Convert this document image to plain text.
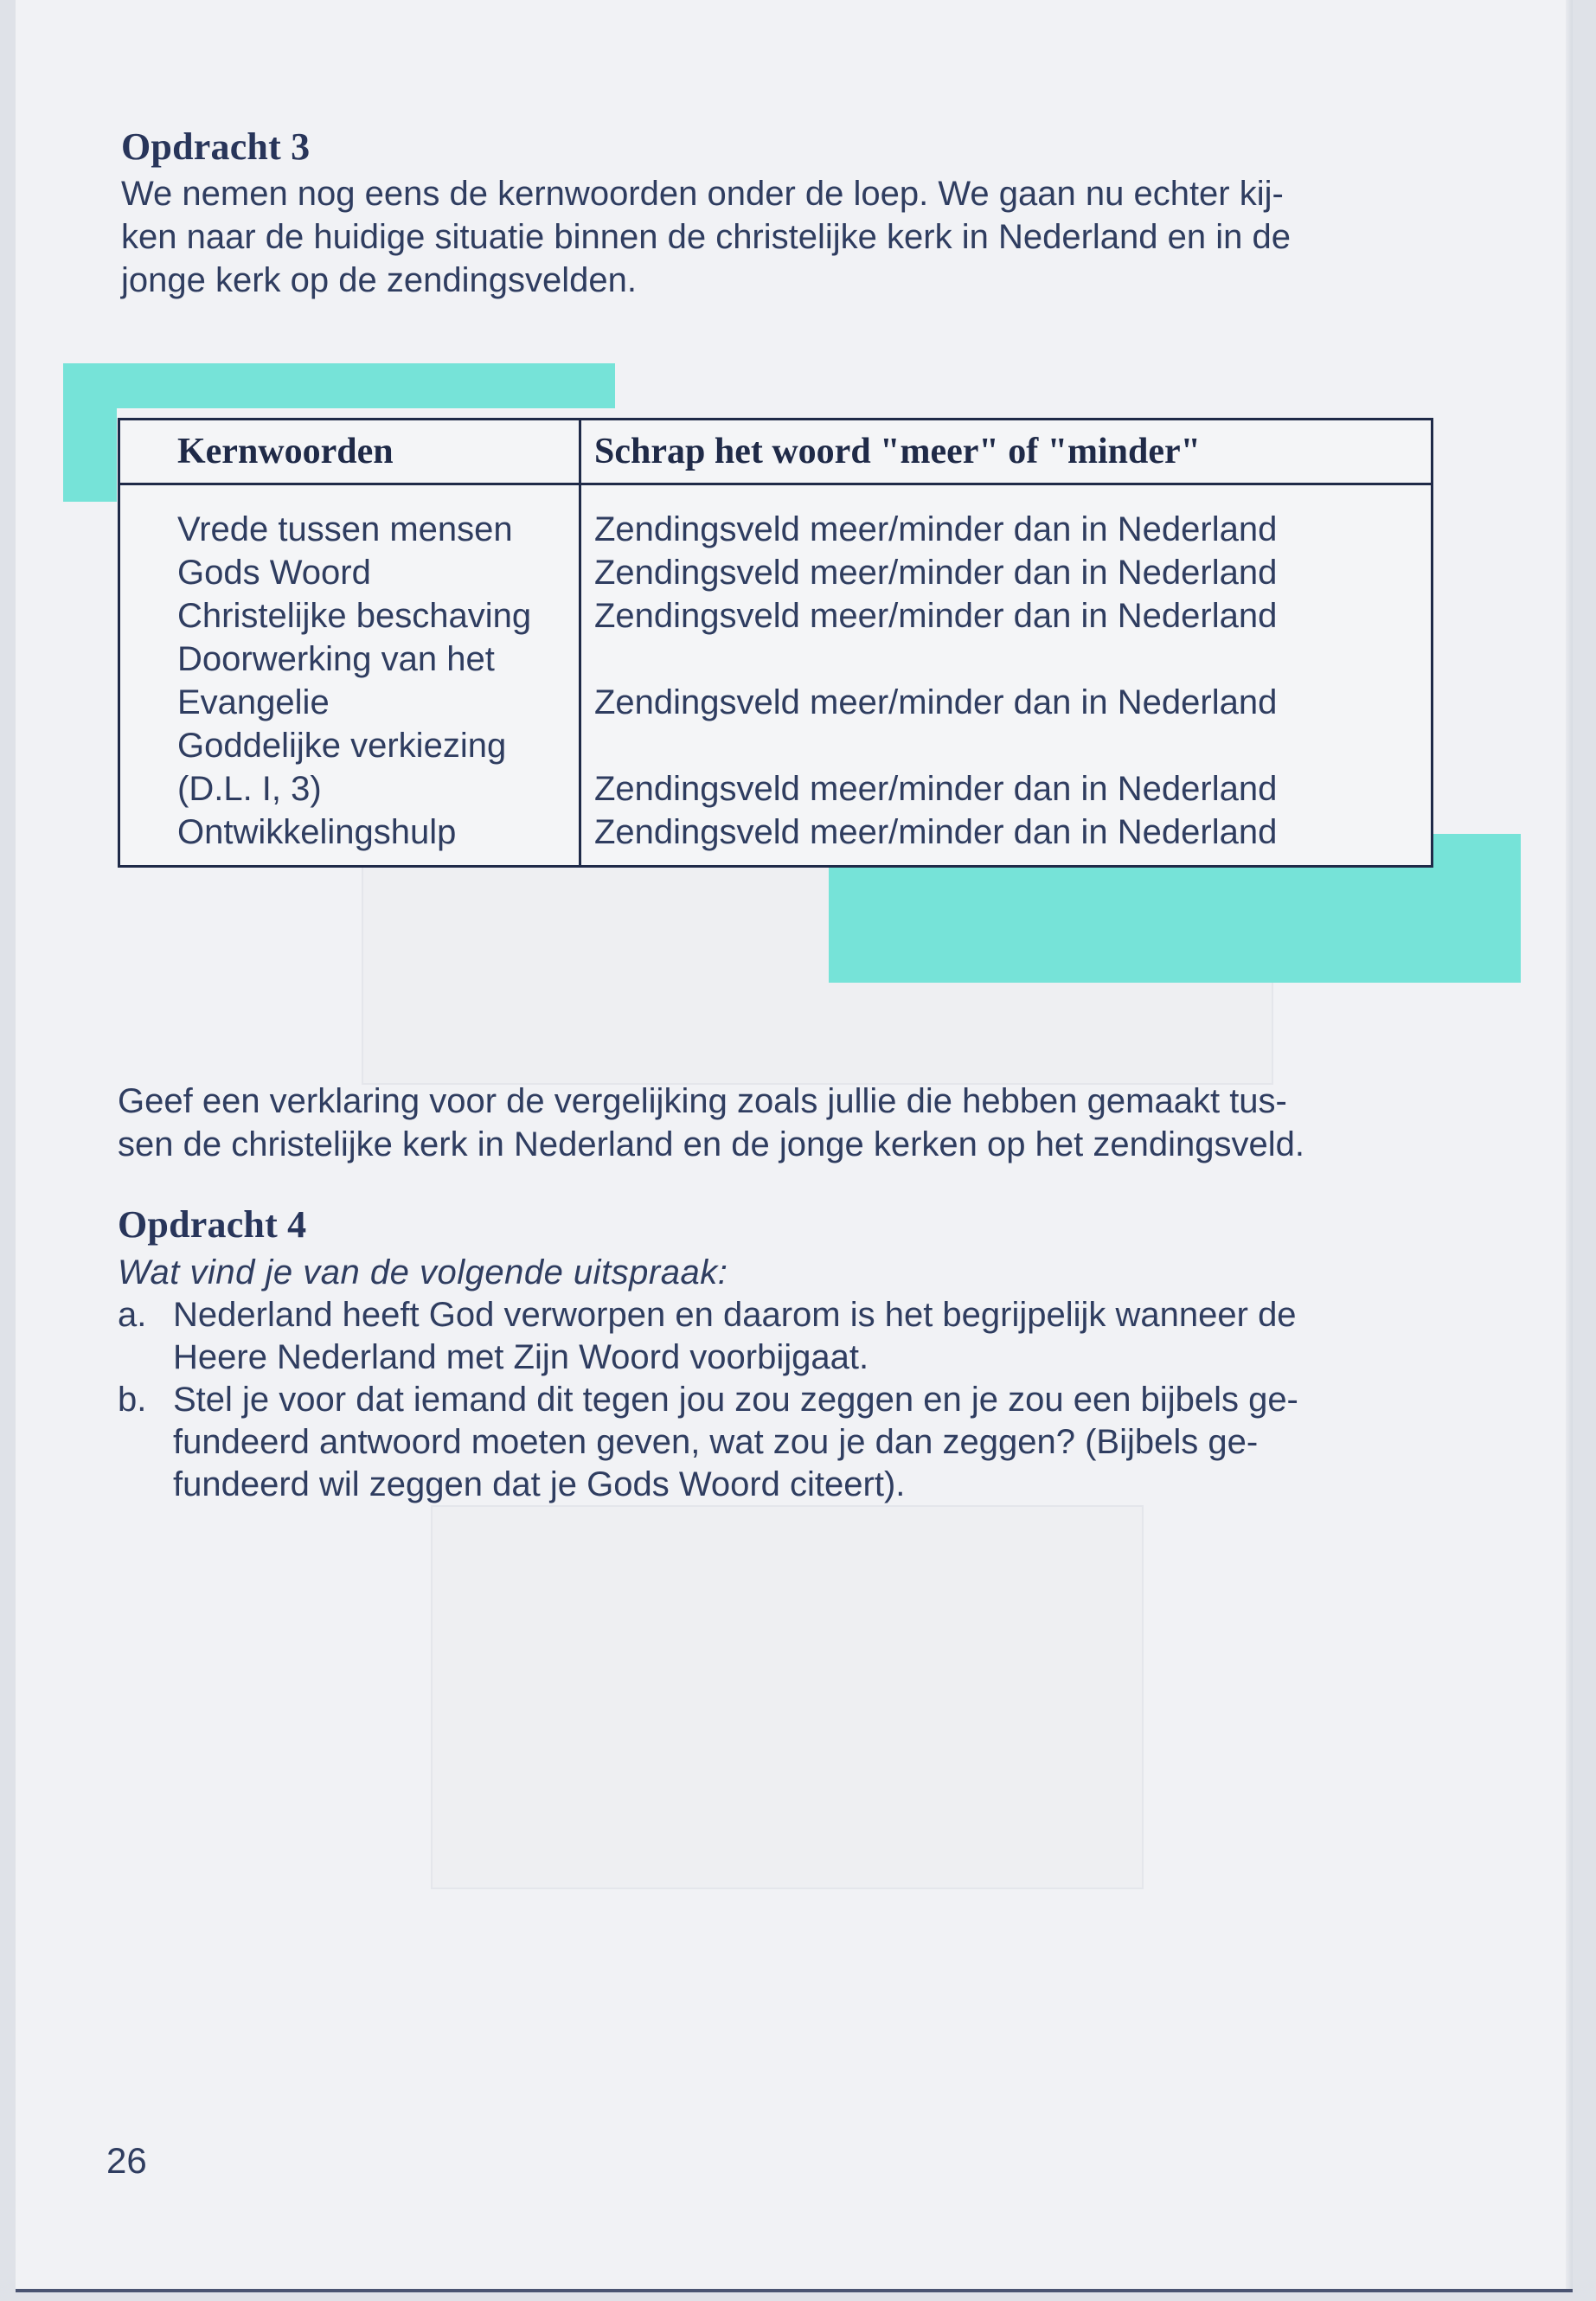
Opdracht 3

We nemen nog eens de kernwoorden onder de loep. We gaan nu echter kij-

ken naar de huidige situatie binnen de christelijke kerk in Nederland en in de

jonge kerk op de zendingsvelden.

Kernwoorden	Schrap het woord "meer" of "minder"
Vrede tussen mensen Zendingsveld meer/minder dan in Nederland
Gods Woord	Zendingsveld meer/minder dan in Nederland
Christelijke beschaving Zendingsveld meer/minder dan in Nederland
Doorwerking van het
Evangelie	Zendingsveld meer/minder dan in Nederland
Goddelijke verkiezing
(D.L. I, 3)	Zendingsveld meer/minder dan in Nederland
Ontwikkelingshulp	Zendingsveld meer/minder dan in Nederland

Geef een verklaring voor de vergelijking zoals jullie die hebben gemaakt tus-

sen de christelijke kerk in Nederland en de jonge kerken op het zendingsveld.

Opdracht 4

Wat vind je van de volgende uitspraak:

a. Nederland heeft God verworpen en daarom is het begrijpelijk wanneer de
Heere Nederland met Zijn Woord voorbijgaat.
b. Stel je voor dat iemand dit tegen jou zou zeggen en je zou een bijbels ge-
fundeerd antwoord moeten geven, wat zou je dan zeggen? (Bijbels ge-
fundeerd wil zeggen dat je Gods Woord citeert).

26
